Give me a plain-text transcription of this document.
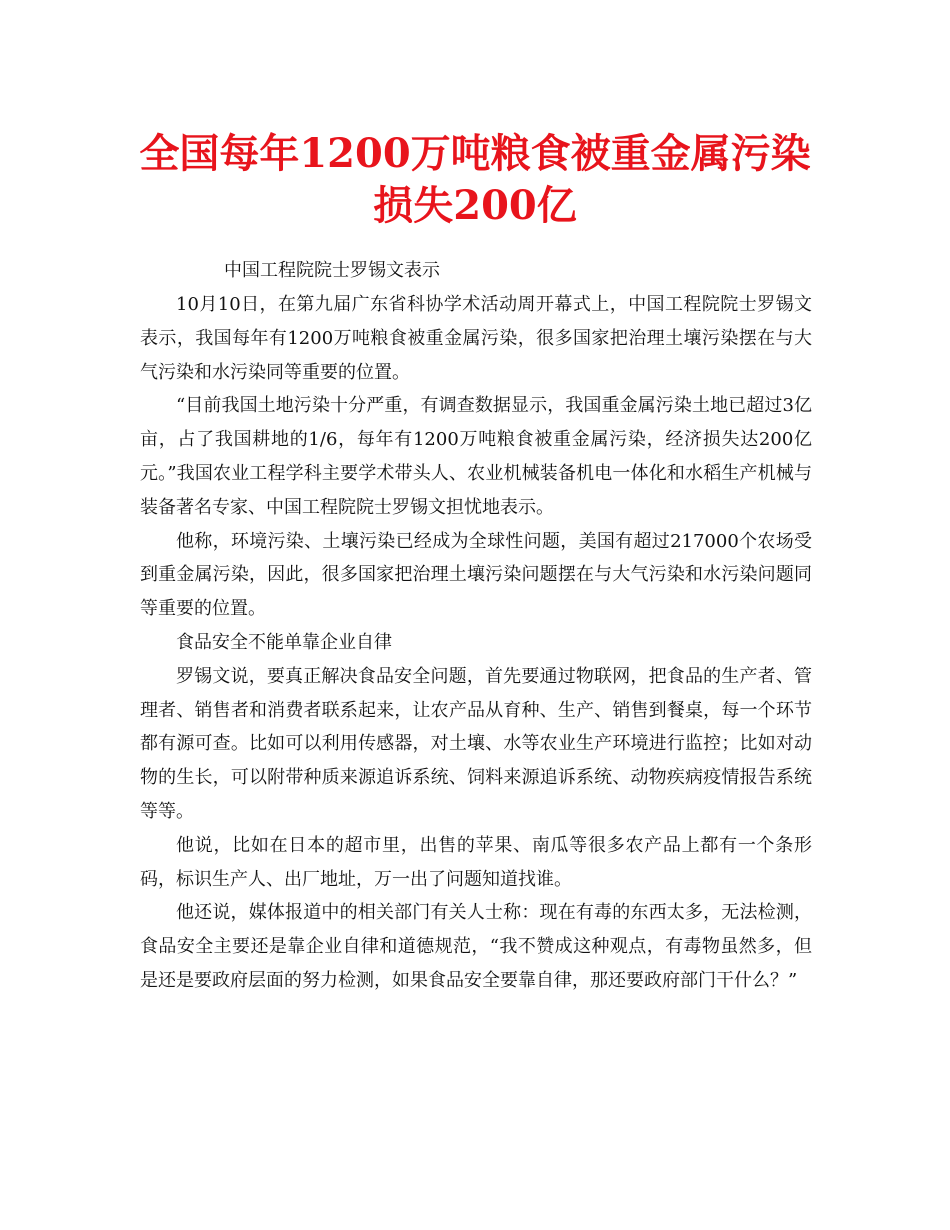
全国每年1200万吨粮食被重金属污染 损失200亿

中国工程院院士罗锡文表示

10月10日，在第九届广东省科协学术活动周开幕式上，中国工程院院士罗锡文表示，我国每年有1200万吨粮食被重金属污染，很多国家把治理土壤污染摆在与大气污染和水污染同等重要的位置。

“目前我国土地污染十分严重，有调查数据显示，我国重金属污染土地已超过3亿亩，占了我国耕地的1/6，每年有1200万吨粮食被重金属污染，经济损失达200亿元。”我国农业工程学科主要学术带头人、农业机械装备机电一体化和水稻生产机械与装备著名专家、中国工程院院士罗锡文担忧地表示。

他称，环境污染、土壤污染已经成为全球性问题，美国有超过217000个农场受到重金属污染，因此，很多国家把治理土壤污染问题摆在与大气污染和水污染问题同等重要的位置。

食品安全不能单靠企业自律

罗锡文说，要真正解决食品安全问题，首先要通过物联网，把食品的生产者、管理者、销售者和消费者联系起来，让农产品从育种、生产、销售到餐桌，每一个环节都有源可查。比如可以利用传感器，对土壤、水等农业生产环境进行监控；比如对动物的生长，可以附带种质来源追诉系统、饲料来源追诉系统、动物疾病疫情报告系统等等。

他说，比如在日本的超市里，出售的苹果、南瓜等很多农产品上都有一个条形码，标识生产人、出厂地址，万一出了问题知道找谁。

他还说，媒体报道中的相关部门有关人士称：现在有毒的东西太多，无法检测，食品安全主要还是靠企业自律和道德规范，“我不赞成这种观点，有毒物虽然多，但是还是要政府层面的努力检测，如果食品安全要靠自律，那还要政府部门干什么？”
